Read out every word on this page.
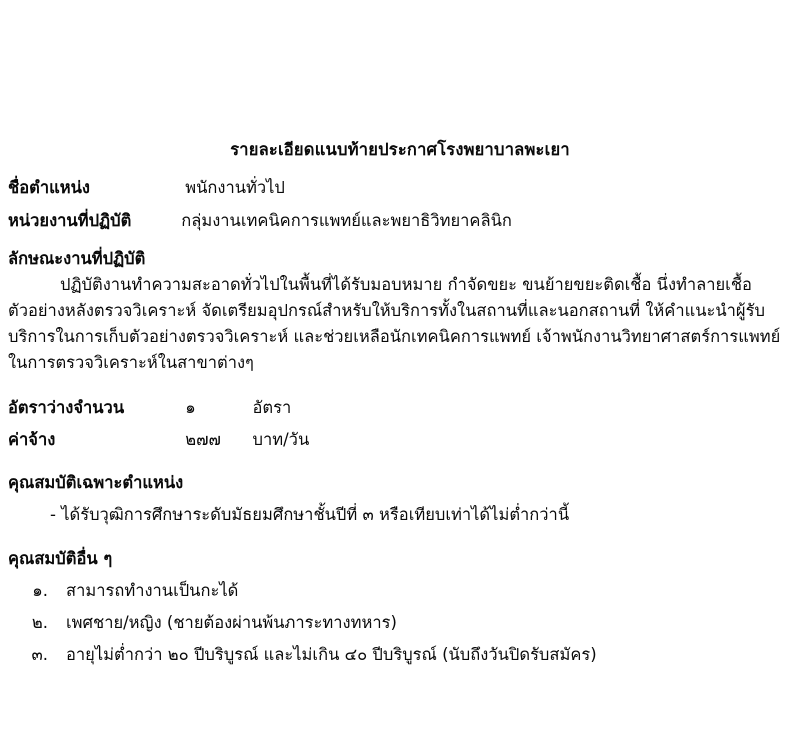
รายละเอียดแนบท้ายประกาศโรงพยาบาลพะเยา
ชื่อตำแหน่ง	พนักงานทั่วไป
หน่วยงานที่ปฏิบัติ	กลุ่มงานเทคนิคการแพทย์และพยาธิวิทยาคลินิก
ลักษณะงานที่ปฏิบัติ
ปฏิบัติงานทำความสะอาดทั่วไปในพื้นที่ได้รับมอบหมาย กำจัดขยะ ขนย้ายขยะติดเชื้อ นึ่งทำลายเชื้อตัวอย่างหลังตรวจวิเคราะห์ จัดเตรียมอุปกรณ์สำหรับให้บริการทั้งในสถานที่และนอกสถานที่ ให้คำแนะนำผู้รับบริการในการเก็บตัวอย่างตรวจวิเคราะห์ และช่วยเหลือนักเทคนิคการแพทย์ เจ้าพนักงานวิทยาศาสตร์การแพทย์ ในการตรวจวิเคราะห์ในสาขาต่างๆ
อัตราว่างจำนวน	๑	อัตรา
ค่าจ้าง	๒๗๗ บาท/วัน
คุณสมบัติเฉพาะตำแหน่ง
- ได้รับวุฒิการศึกษาระดับมัธยมศึกษาชั้นปีที่ ๓ หรือเทียบเท่าได้ไม่ต่ำกว่านี้
คุณสมบัติอื่น ๆ
๑. สามารถทำงานเป็นกะได้
๒. เพศชาย/หญิง (ชายต้องผ่านพ้นภาระทางทหาร)
๓. อายุไม่ต่ำกว่า ๒๐ ปีบริบูรณ์ และไม่เกิน ๔๐ ปีบริบูรณ์ (นับถึงวันปิดรับสมัคร)
